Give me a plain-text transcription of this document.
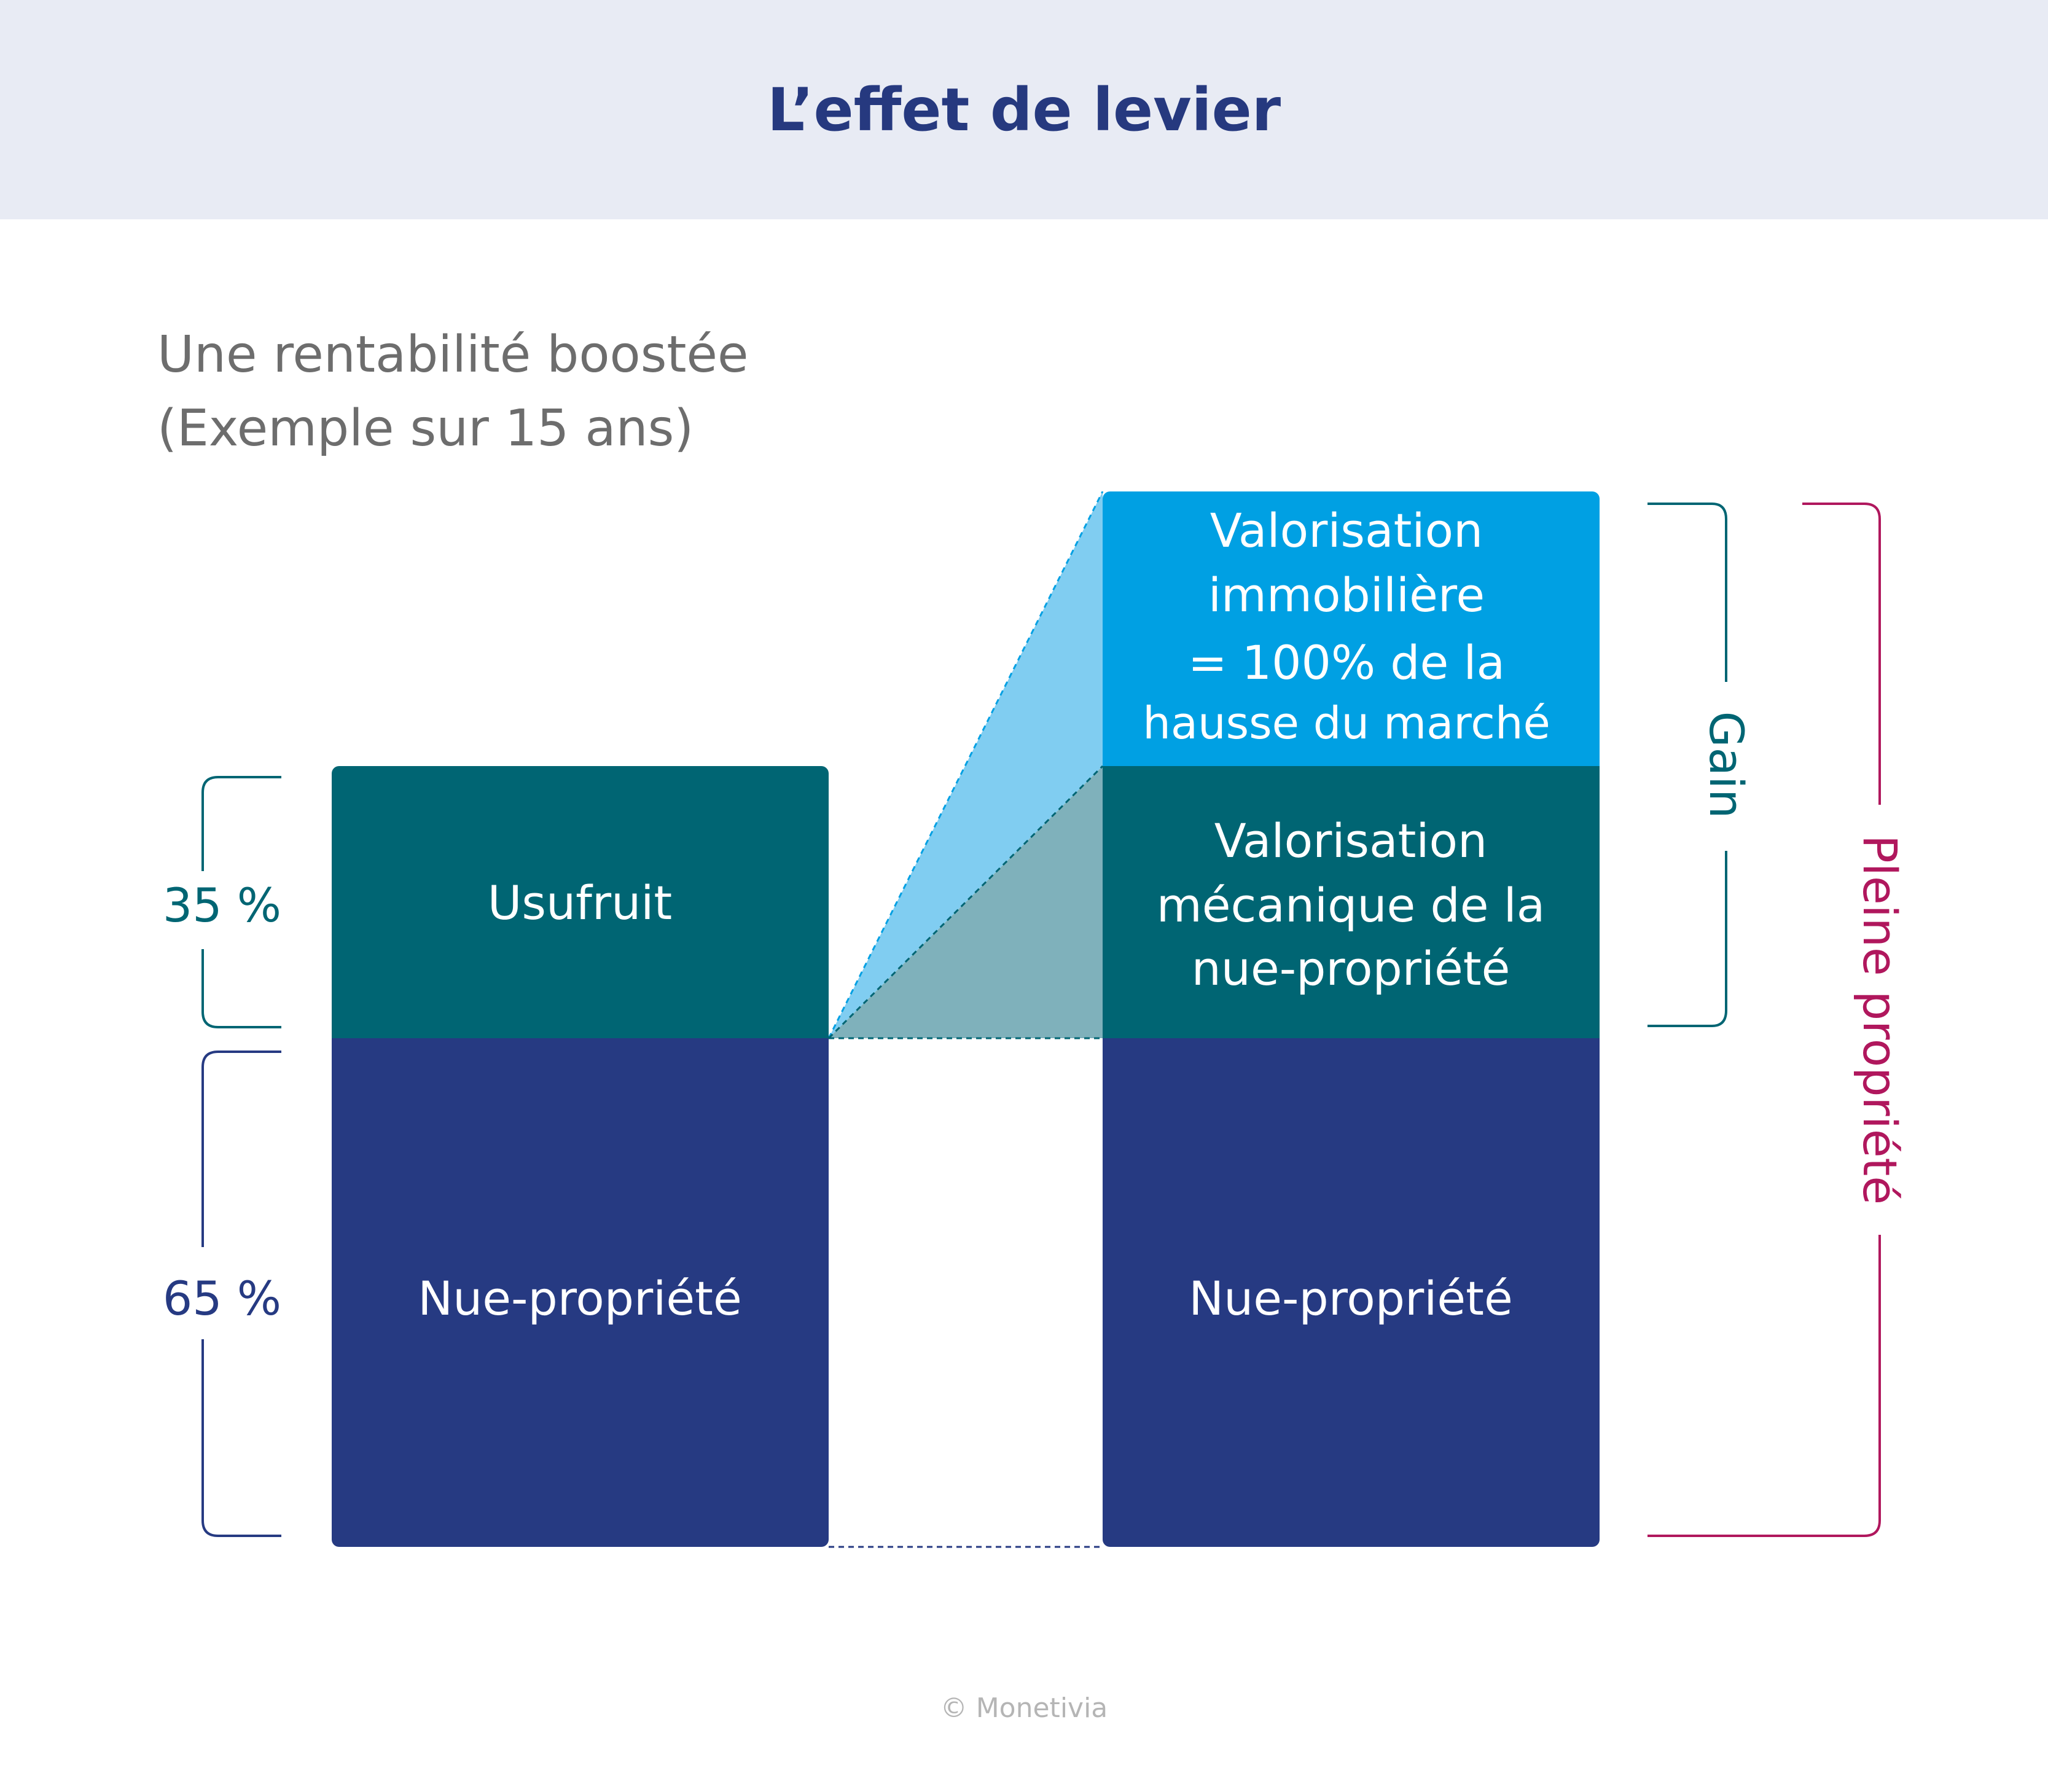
L’effet de levier
Une rentabilité boostée
(Exemple sur 15 ans)
Usufruit
Nue-propriété
Valorisation
immobilière
= 100% de la
hausse du marché
Valorisation
mécanique de la
nue-propriété
Nue-propriété
35 %
65 %
Gain
Pleine propriété
© Monetivia
